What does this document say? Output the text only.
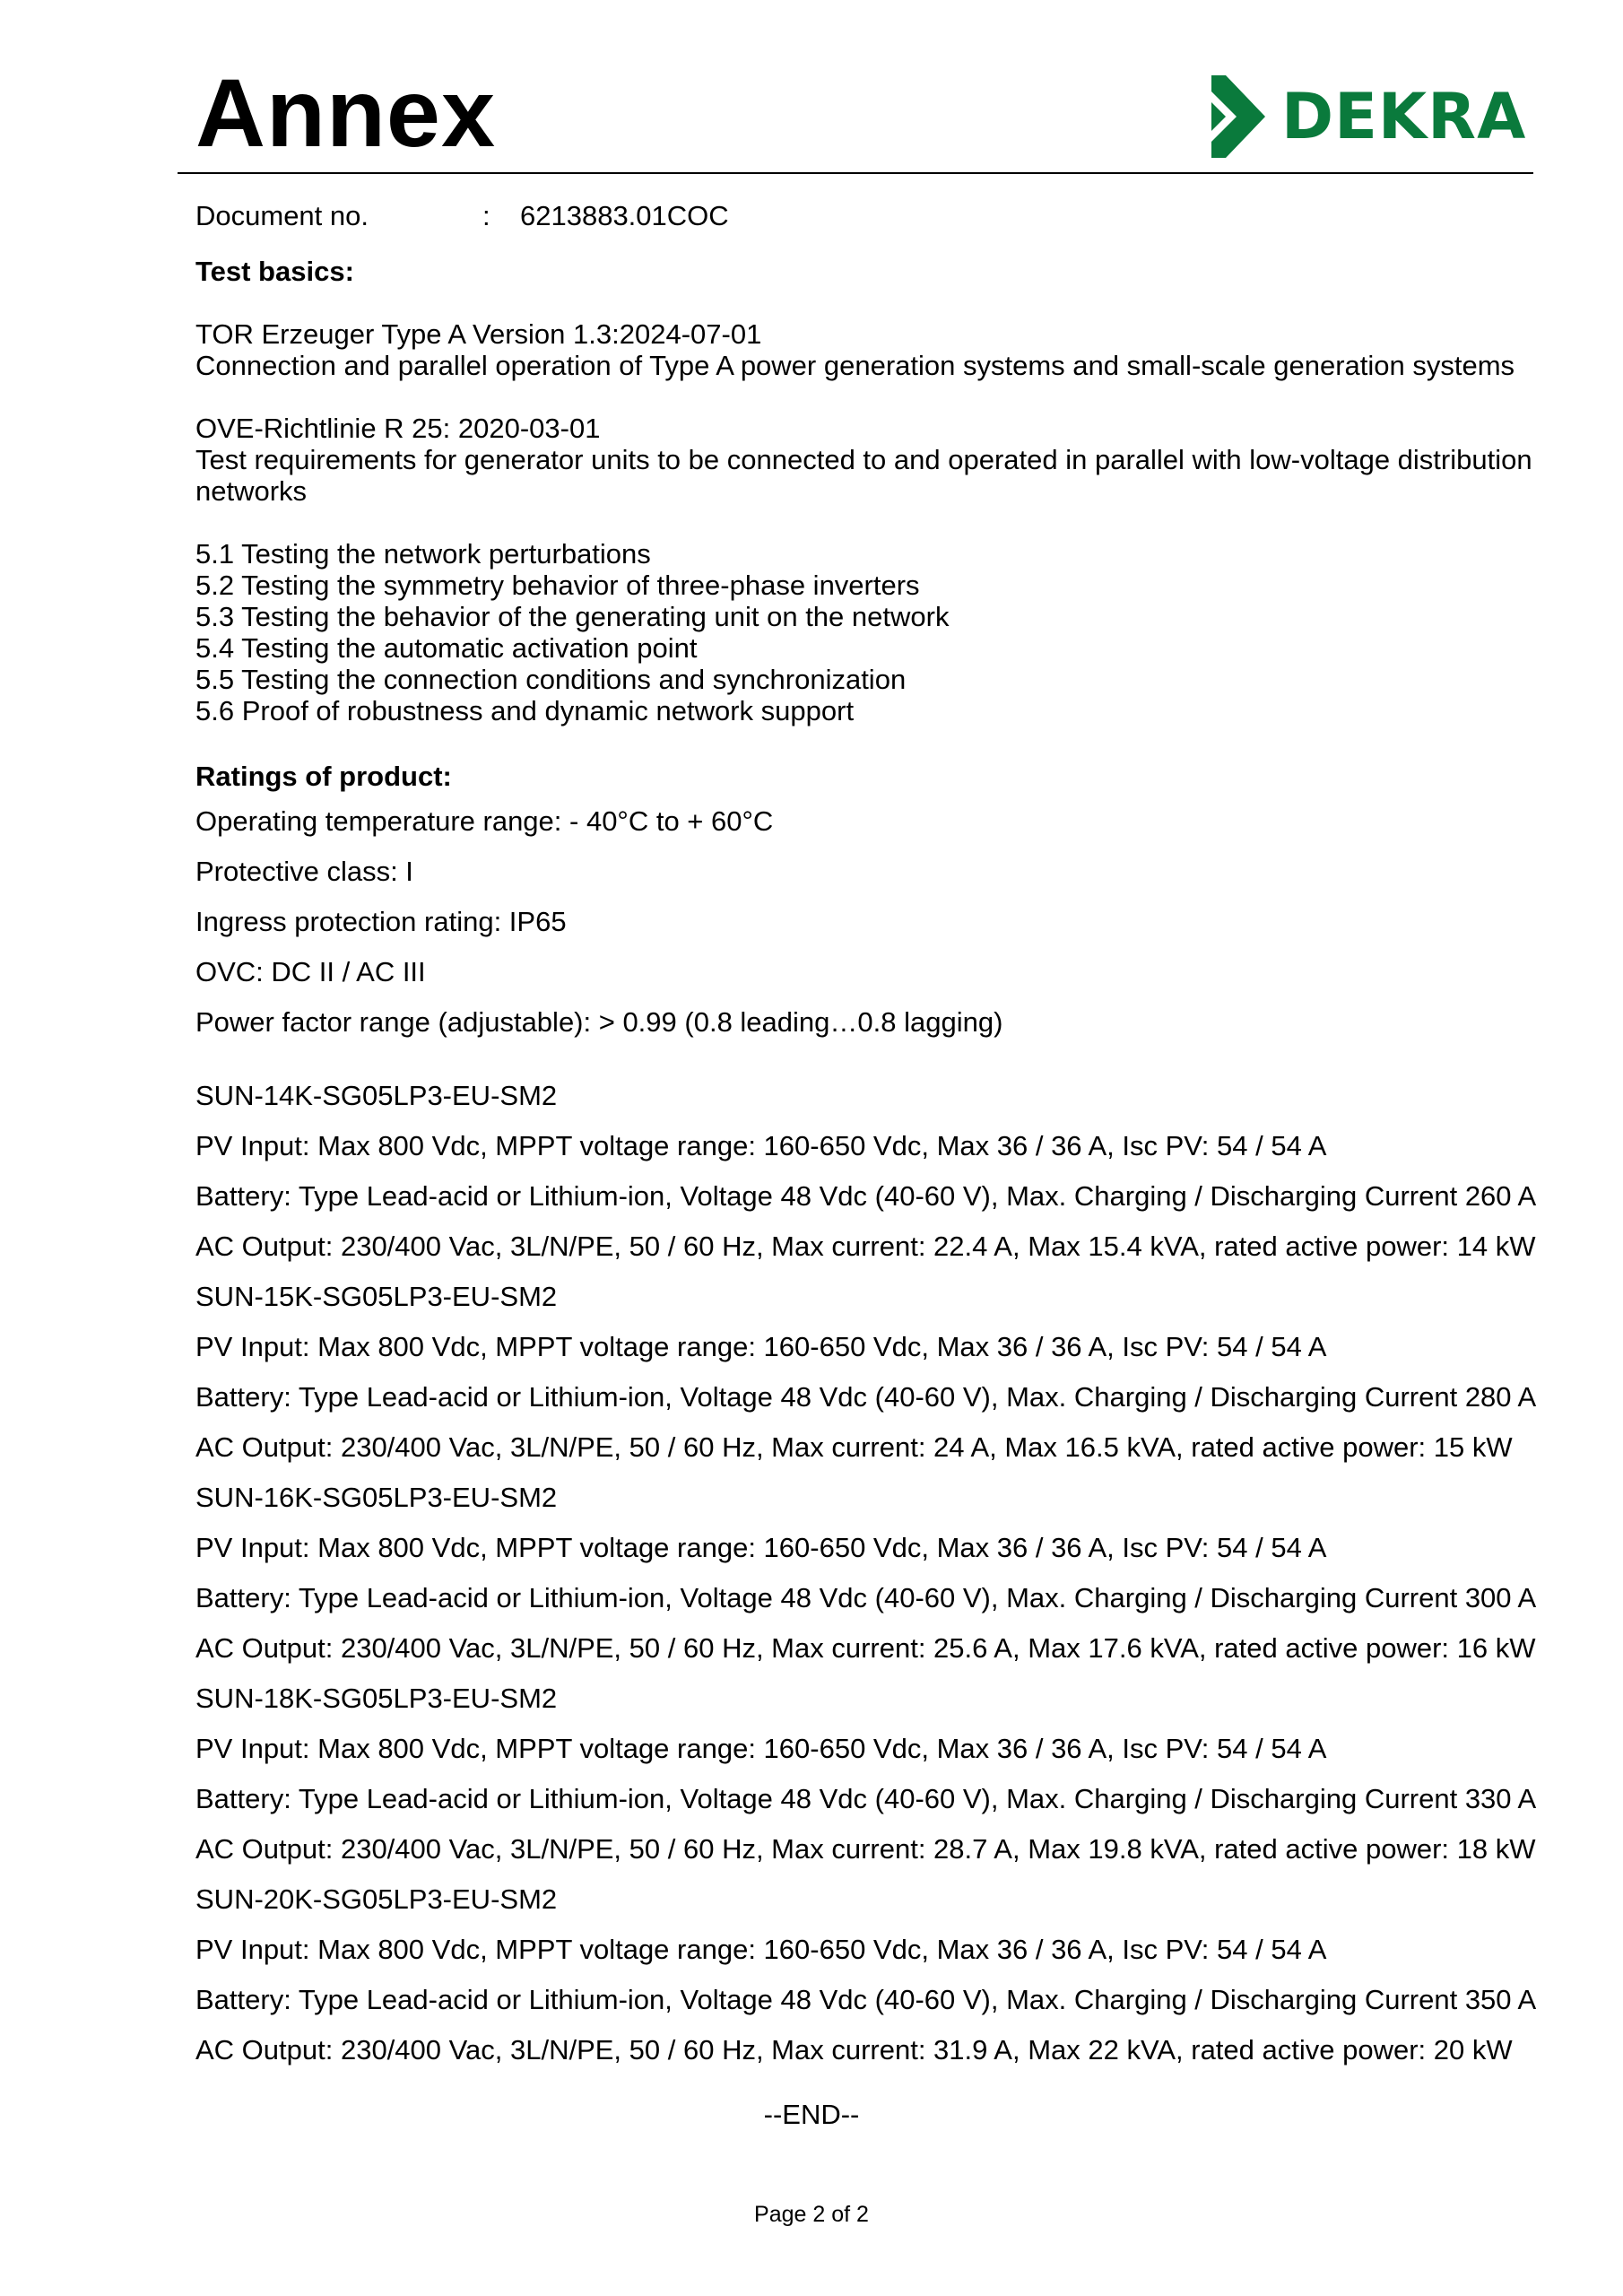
Annex	DEKRA
Document no.	:	6213883.01COC

Test basics:

TOR Erzeuger Type A Version 1.3:2024-07-01

Connection and parallel operation of Type A power generation systems and small-scale generation systems

OVE-Richtlinie R 25: 2020-03-01

Test requirements for generator units to be connected to and operated in parallel with low-voltage distribution

networks

5.1 Testing the network perturbations

5.2 Testing the symmetry behavior of three-phase inverters

5.3 Testing the behavior of the generating unit on the network

5.4 Testing the automatic activation point

5.5 Testing the connection conditions and synchronization

5.6 Proof of robustness and dynamic network support

Ratings of product:

Operating temperature range: - 40°C to + 60°C
Protective class: I
Ingress protection rating: IP65
OVC: DC II / AC III
Power factor range (adjustable): > 0.99 (0.8 leading…0.8 lagging)
SUN-14K-SG05LP3-EU-SM2
PV Input: Max 800 Vdc, MPPT voltage range: 160-650 Vdc, Max 36 / 36 A, Isc PV: 54 / 54 A
Battery: Type Lead-acid or Lithium-ion, Voltage 48 Vdc (40-60 V), Max. Charging / Discharging Current 260 A
AC Output: 230/400 Vac, 3L/N/PE, 50 / 60 Hz, Max current: 22.4 A, Max 15.4 kVA, rated active power: 14 kW
SUN-15K-SG05LP3-EU-SM2
PV Input: Max 800 Vdc, MPPT voltage range: 160-650 Vdc, Max 36 / 36 A, Isc PV: 54 / 54 A
Battery: Type Lead-acid or Lithium-ion, Voltage 48 Vdc (40-60 V), Max. Charging / Discharging Current 280 A
AC Output: 230/400 Vac, 3L/N/PE, 50 / 60 Hz, Max current: 24 A, Max 16.5 kVA, rated active power: 15 kW
SUN-16K-SG05LP3-EU-SM2
PV Input: Max 800 Vdc, MPPT voltage range: 160-650 Vdc, Max 36 / 36 A, Isc PV: 54 / 54 A
Battery: Type Lead-acid or Lithium-ion, Voltage 48 Vdc (40-60 V), Max. Charging / Discharging Current 300 A
AC Output: 230/400 Vac, 3L/N/PE, 50 / 60 Hz, Max current: 25.6 A, Max 17.6 kVA, rated active power: 16 kW
SUN-18K-SG05LP3-EU-SM2
PV Input: Max 800 Vdc, MPPT voltage range: 160-650 Vdc, Max 36 / 36 A, Isc PV: 54 / 54 A
Battery: Type Lead-acid or Lithium-ion, Voltage 48 Vdc (40-60 V), Max. Charging / Discharging Current 330 A
AC Output: 230/400 Vac, 3L/N/PE, 50 / 60 Hz, Max current: 28.7 A, Max 19.8 kVA, rated active power: 18 kW
SUN-20K-SG05LP3-EU-SM2
PV Input: Max 800 Vdc, MPPT voltage range: 160-650 Vdc, Max 36 / 36 A, Isc PV: 54 / 54 A
Battery: Type Lead-acid or Lithium-ion, Voltage 48 Vdc (40-60 V), Max. Charging / Discharging Current 350 A
AC Output: 230/400 Vac, 3L/N/PE, 50 / 60 Hz, Max current: 31.9 A, Max 22 kVA, rated active power: 20 kW
--END--
Page 2 of 2
